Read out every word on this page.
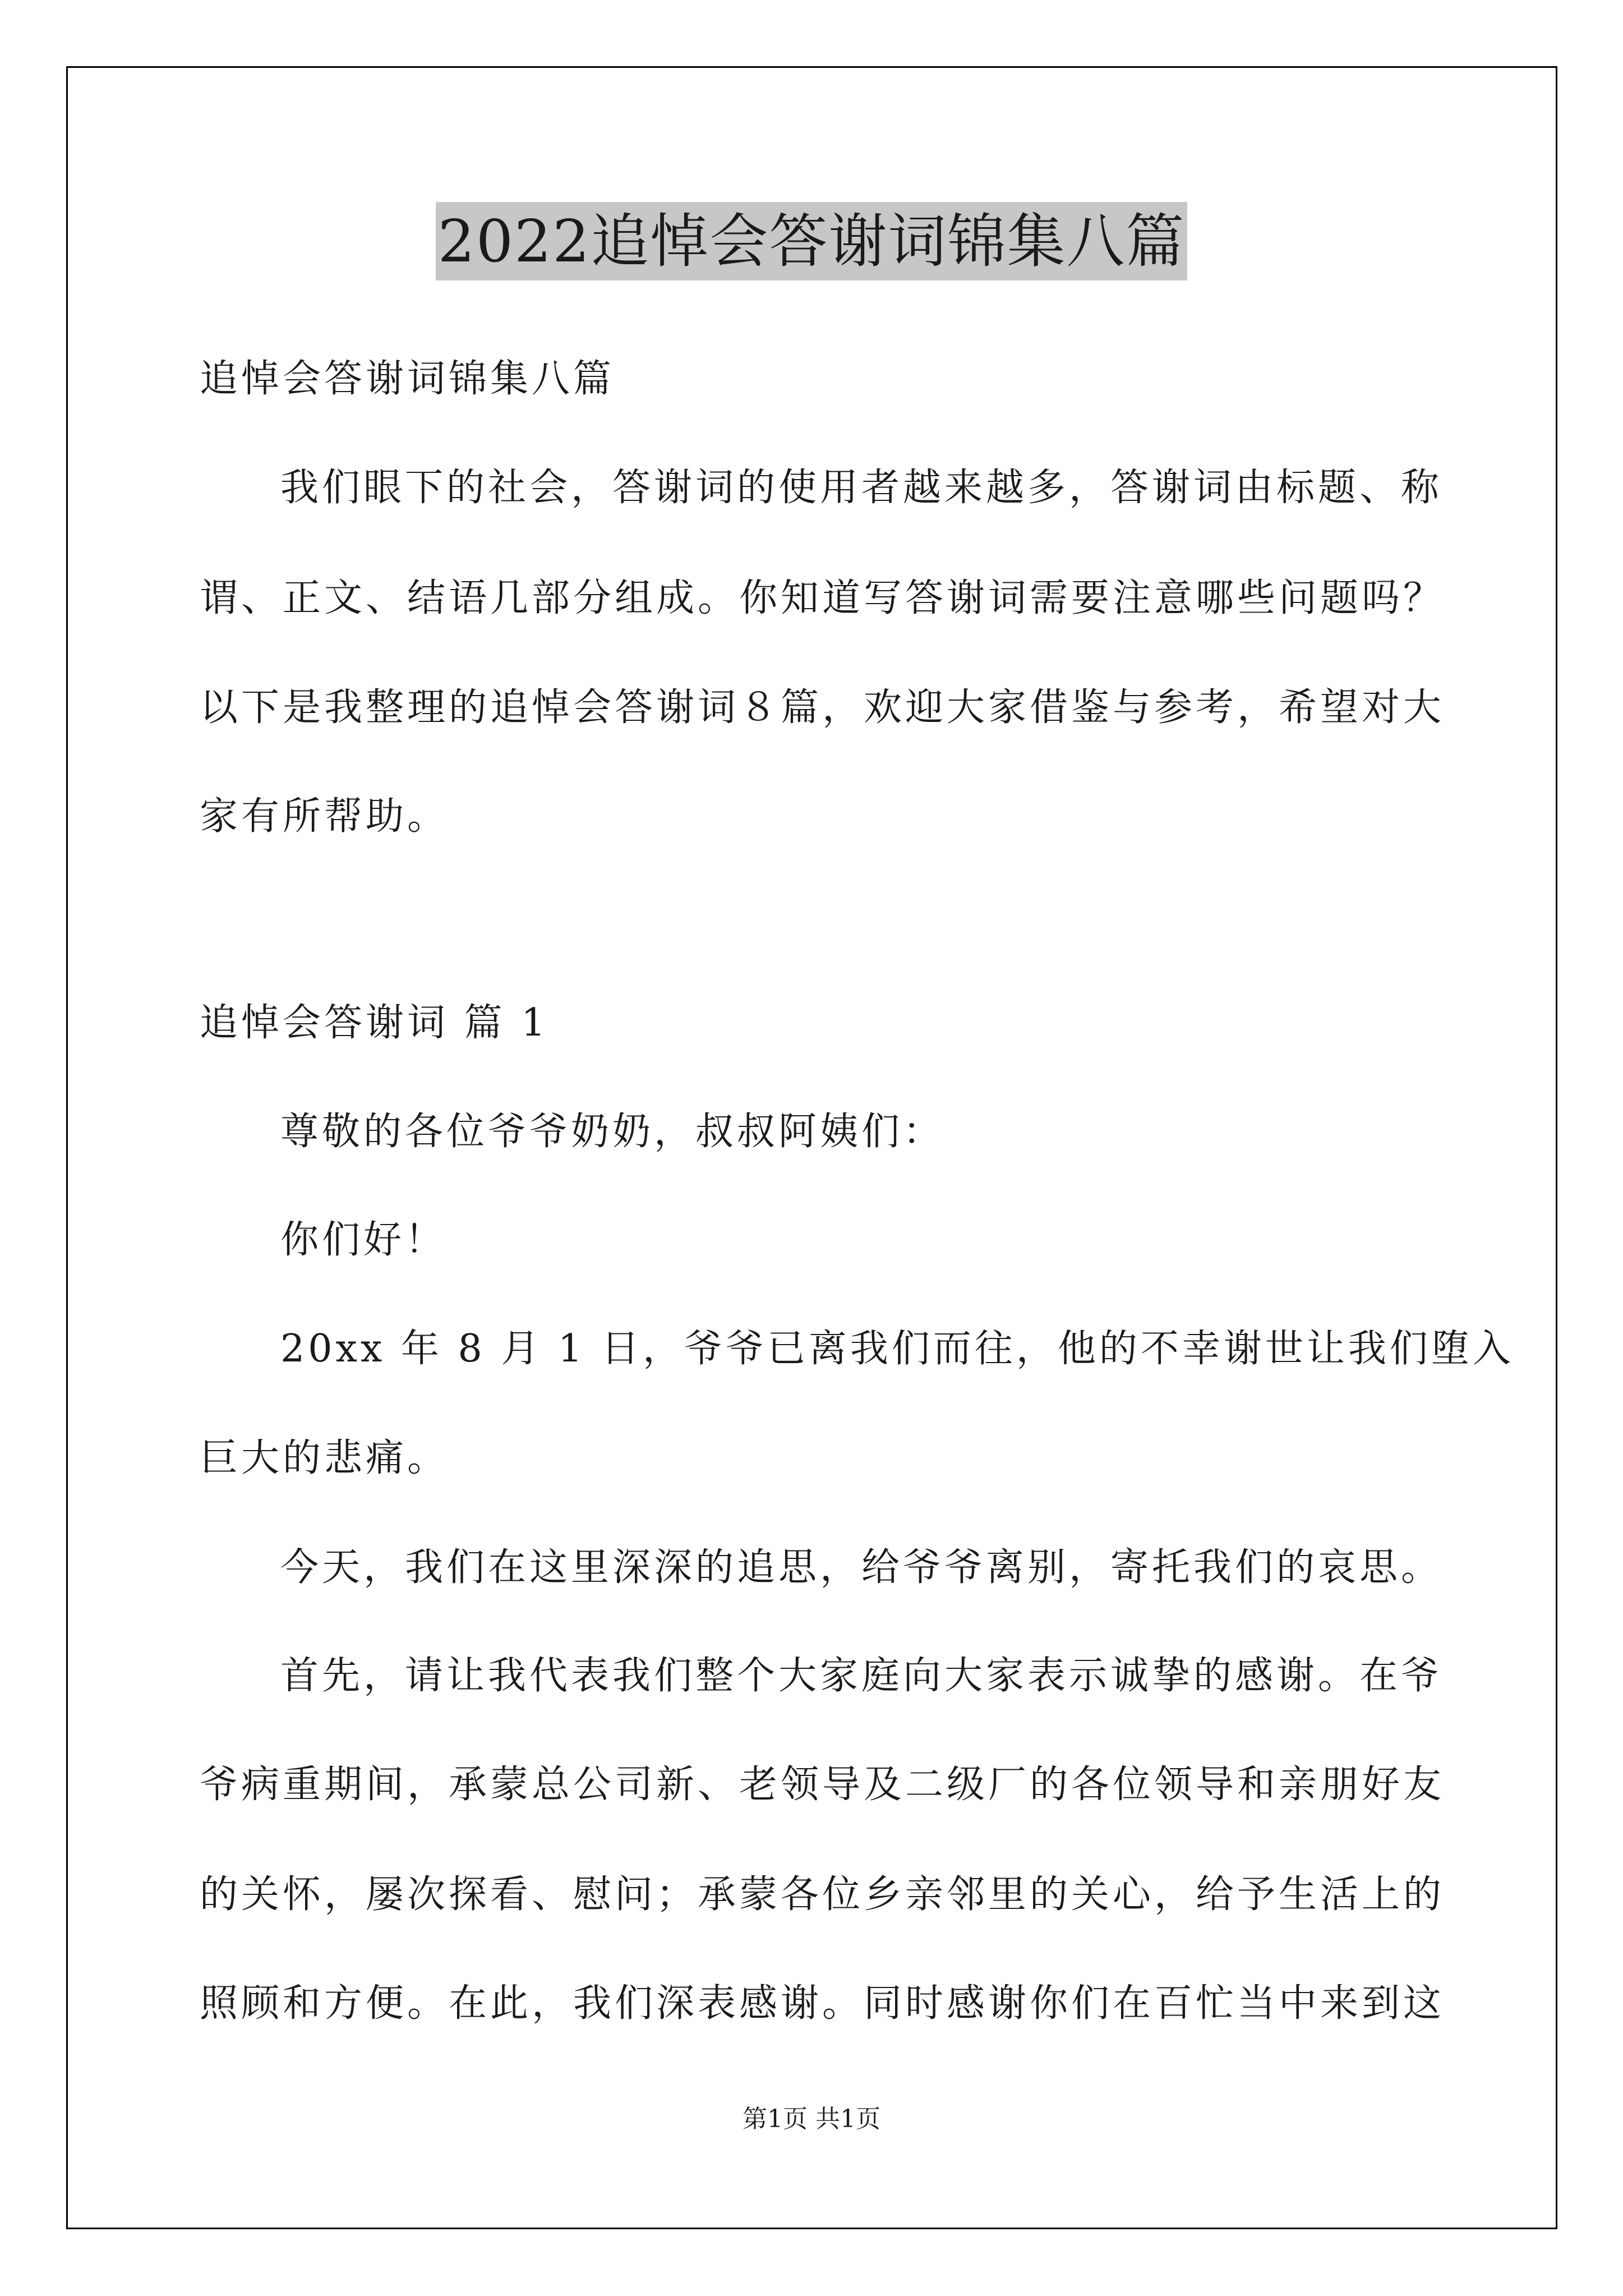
2022追悼会答谢词锦集八篇
追悼会答谢词锦集八篇
我们眼下的社会，答谢词的使用者越来越多，答谢词由标题、称
谓、正文、结语几部分组成。你知道写答谢词需要注意哪些问题吗？
以下是我整理的追悼会答谢词８篇，欢迎大家借鉴与参考，希望对大
家有所帮助。
追悼会答谢词 篇 1
尊敬的各位爷爷奶奶，叔叔阿姨们：
你们好！
20xx 年 8 月 1 日，爷爷已离我们而往，他的不幸谢世让我们堕入
巨大的悲痛。
今天，我们在这里深深的追思，给爷爷离别，寄托我们的哀思。
首先，请让我代表我们整个大家庭向大家表示诚挚的感谢。在爷
爷病重期间，承蒙总公司新、老领导及二级厂的各位领导和亲朋好友
的关怀，屡次探看、慰问；承蒙各位乡亲邻里的关心，给予生活上的
照顾和方便。在此，我们深表感谢。同时感谢你们在百忙当中来到这
第1页 共1页
